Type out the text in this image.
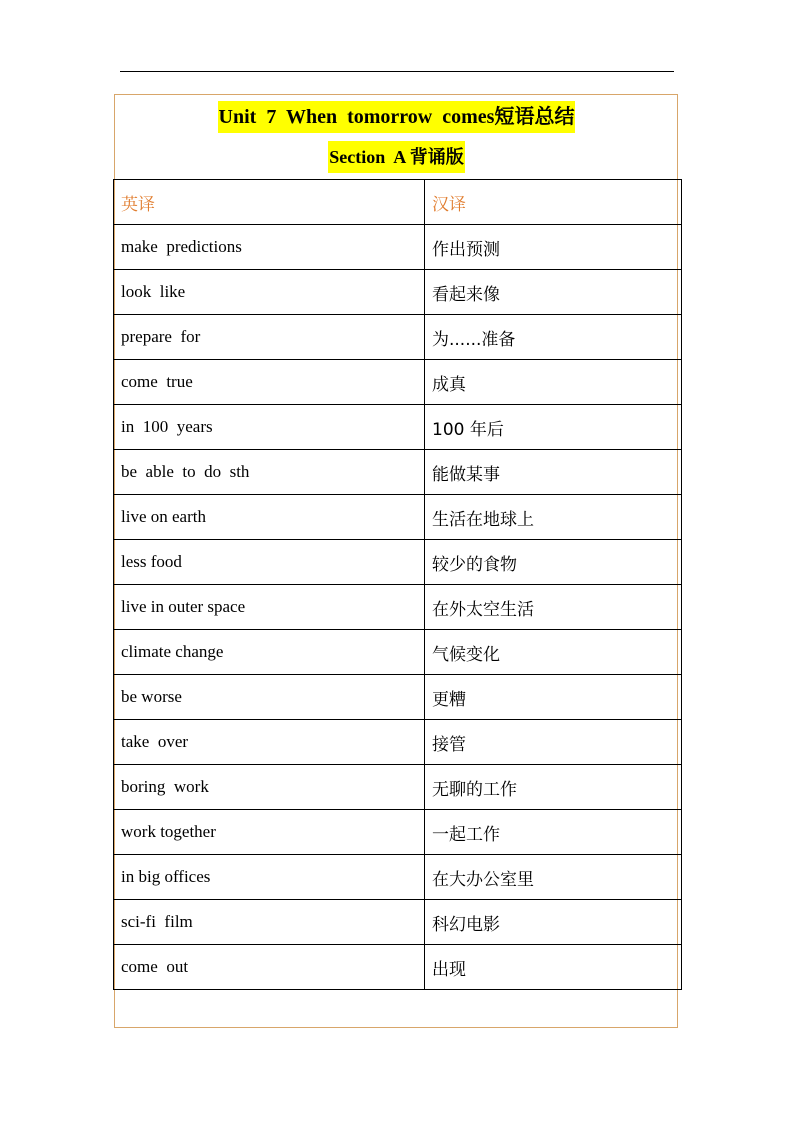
Unit  7  When  tomorrow  comes短语总结
Section  A 背诵版
英译	汉译
make  predictions	作出预测
look  like	看起来像
prepare  for	为......准备
come  true	成真
in  100  years	100 年后
be  able  to  do  sth	能做某事
live on earth	生活在地球上
less food	较少的食物
live in outer space	在外太空生活
climate change	气候变化
be worse	更糟
take  over	接管
boring  work	无聊的工作
work together	一起工作
in big offices	在大办公室里
sci-fi  film	科幻电影
come  out	出现
